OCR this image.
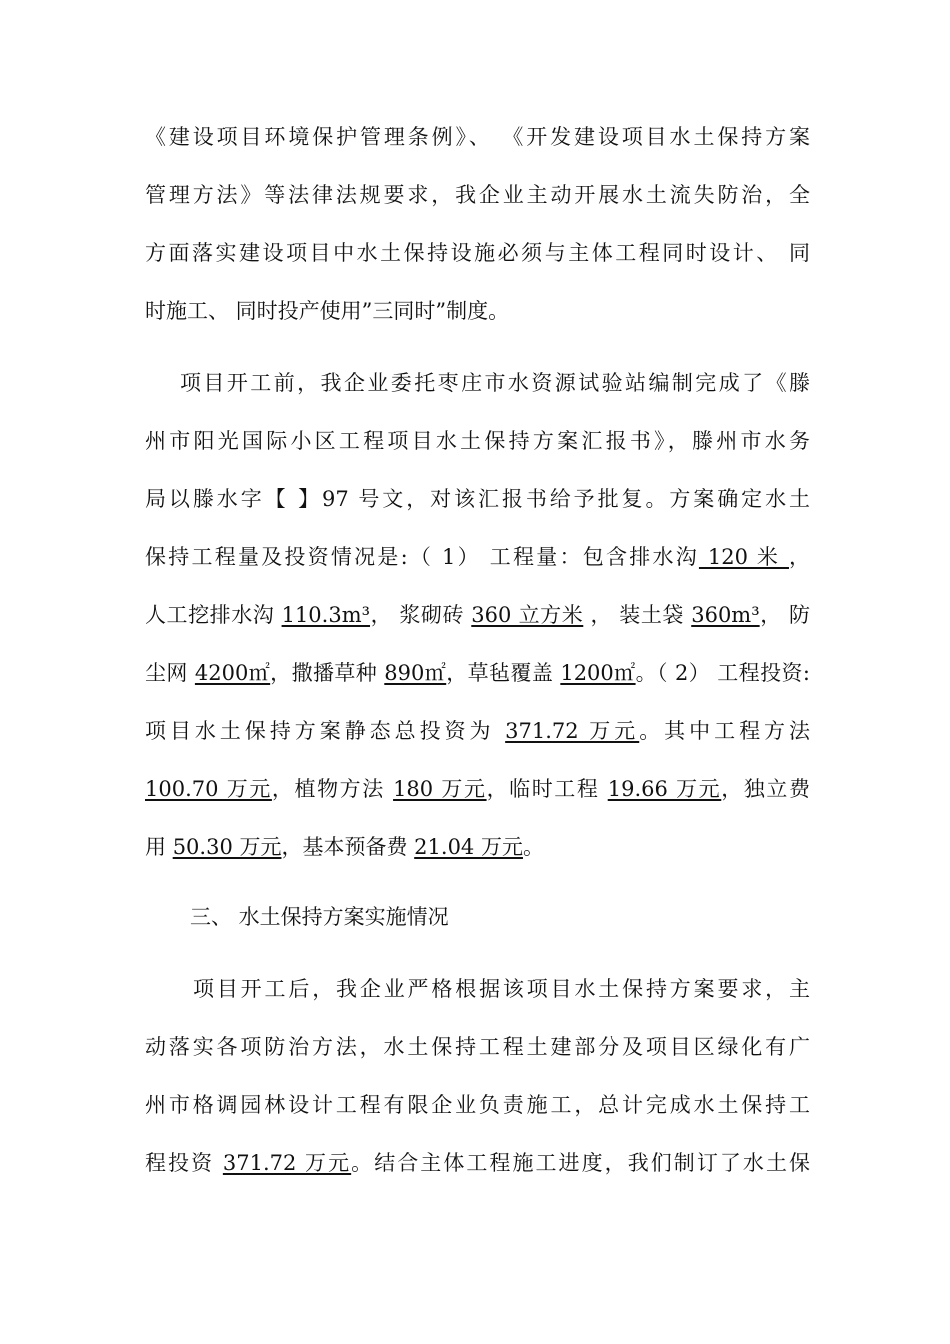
《建设项目环境保护管理条例》、 《开发建设项目水土保持方案
管理方法》等法律法规要求，我企业主动开展水土流失防治，全
方面落实建设项目中水土保持设施必须与主体工程同时设计、 同
时施工、 同时投产使用”三同时”制度。
项目开工前，我企业委托枣庄市水资源试验站编制完成了《滕
州市阳光国际小区工程项目水土保持方案汇报书》，滕州市水务
局以滕水字【 】97 号文，对该汇报书给予批复。方案确定水土
保持工程量及投资情况是:（ 1） 工程量：包含排水沟 120 米 ，
人工挖排水沟 110.3m³， 浆砌砖 360 立方米 ， 装土袋 360m³， 防
尘网 4200㎡，撒播草种 890㎡，草毡覆盖 1200㎡。（ 2） 工程投资:
项目水土保持方案静态总投资为 371.72 万元。其中工程方法
100.70 万元，植物方法 180 万元，临时工程 19.66 万元，独立费
用 50.30 万元，基本预备费 21.04 万元。
三、 水土保持方案实施情况
项目开工后，我企业严格根据该项目水土保持方案要求，主
动落实各项防治方法，水土保持工程土建部分及项目区绿化有广
州市格调园林设计工程有限企业负责施工，总计完成水土保持工
程投资 371.72 万元。结合主体工程施工进度，我们制订了水土保
